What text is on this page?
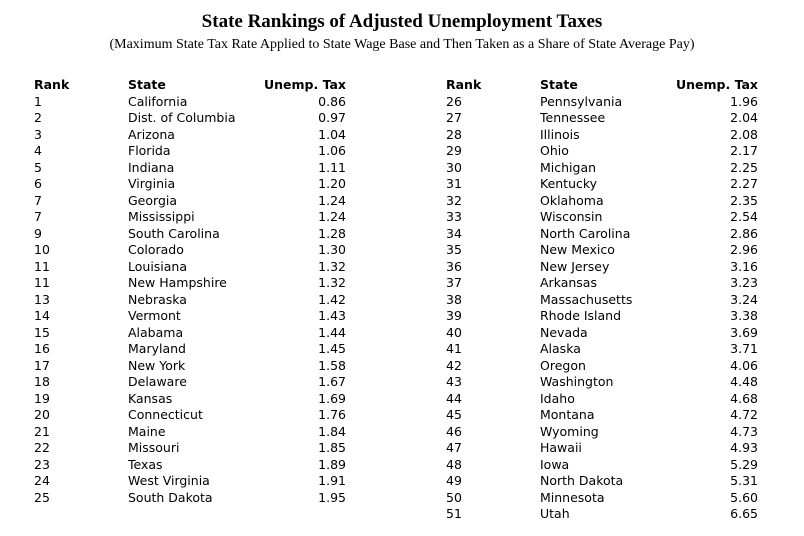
State Rankings of Adjusted Unemployment Taxes
(Maximum State Tax Rate Applied to State Wage Base and Then Taken as a Share of State Average Pay)
Rank	State	Unemp. Tax
1	California	0.86
2	Dist. of Columbia	0.97
3	Arizona	1.04
4	Florida	1.06
5	Indiana	1.11
6	Virginia	1.20
7	Georgia	1.24
7	Mississippi	1.24
9	South Carolina	1.28
10	Colorado	1.30
11	Louisiana	1.32
11	New Hampshire	1.32
13	Nebraska	1.42
14	Vermont	1.43
15	Alabama	1.44
16	Maryland	1.45
17	New York	1.58
18	Delaware	1.67
19	Kansas	1.69
20	Connecticut	1.76
21	Maine	1.84
22	Missouri	1.85
23	Texas	1.89
24	West Virginia	1.91
25	South Dakota	1.95
Rank	State	Unemp. Tax
26	Pennsylvania	1.96
27	Tennessee	2.04
28	Illinois	2.08
29	Ohio	2.17
30	Michigan	2.25
31	Kentucky	2.27
32	Oklahoma	2.35
33	Wisconsin	2.54
34	North Carolina	2.86
35	New Mexico	2.96
36	New Jersey	3.16
37	Arkansas	3.23
38	Massachusetts	3.24
39	Rhode Island	3.38
40	Nevada	3.69
41	Alaska	3.71
42	Oregon	4.06
43	Washington	4.48
44	Idaho	4.68
45	Montana	4.72
46	Wyoming	4.73
47	Hawaii	4.93
48	Iowa	5.29
49	North Dakota	5.31
50	Minnesota	5.60
51	Utah	6.65
